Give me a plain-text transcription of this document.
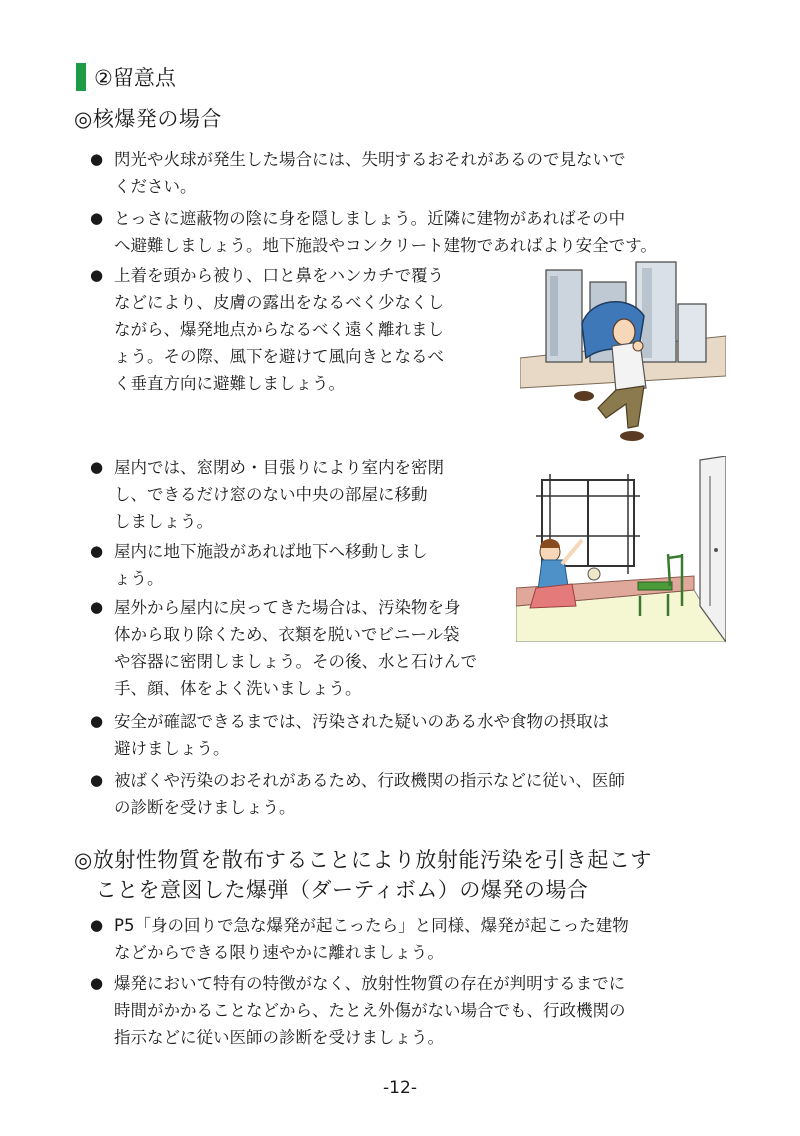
②留意点
◎核爆発の場合
● 閃光や火球が発生した場合には、失明するおそれがあるので見ないで
ください。
● とっさに遮蔽物の陰に身を隠しましょう。近隣に建物があればその中
へ避難しましょう。地下施設やコンクリート建物であればより安全です。
● 上着を頭から被り、口と鼻をハンカチで覆う
などにより、皮膚の露出をなるべく少なくし
ながら、爆発地点からなるべく遠く離れまし
ょう。その際、風下を避けて風向きとなるべ
く垂直方向に避難しましょう。
● 屋内では、窓閉め・目張りにより室内を密閉
し、できるだけ窓のない中央の部屋に移動
しましょう。
● 屋内に地下施設があれば地下へ移動しまし
ょう。
● 屋外から屋内に戻ってきた場合は、汚染物を身
体から取り除くため、衣類を脱いでビニール袋
や容器に密閉しましょう。その後、水と石けんで
手、顔、体をよく洗いましょう。
● 安全が確認できるまでは、汚染された疑いのある水や食物の摂取は
避けましょう。
● 被ばくや汚染のおそれがあるため、行政機関の指示などに従い、医師
の診断を受けましょう。
◎放射性物質を散布することにより放射能汚染を引き起こす
　ことを意図した爆弾（ダーティボム）の爆発の場合
● P5「身の回りで急な爆発が起こったら」と同様、爆発が起こった建物
などからできる限り速やかに離れましょう。
● 爆発において特有の特徴がなく、放射性物質の存在が判明するまでに
時間がかかることなどから、たとえ外傷がない場合でも、行政機関の
指示などに従い医師の診断を受けましょう。
-12-
